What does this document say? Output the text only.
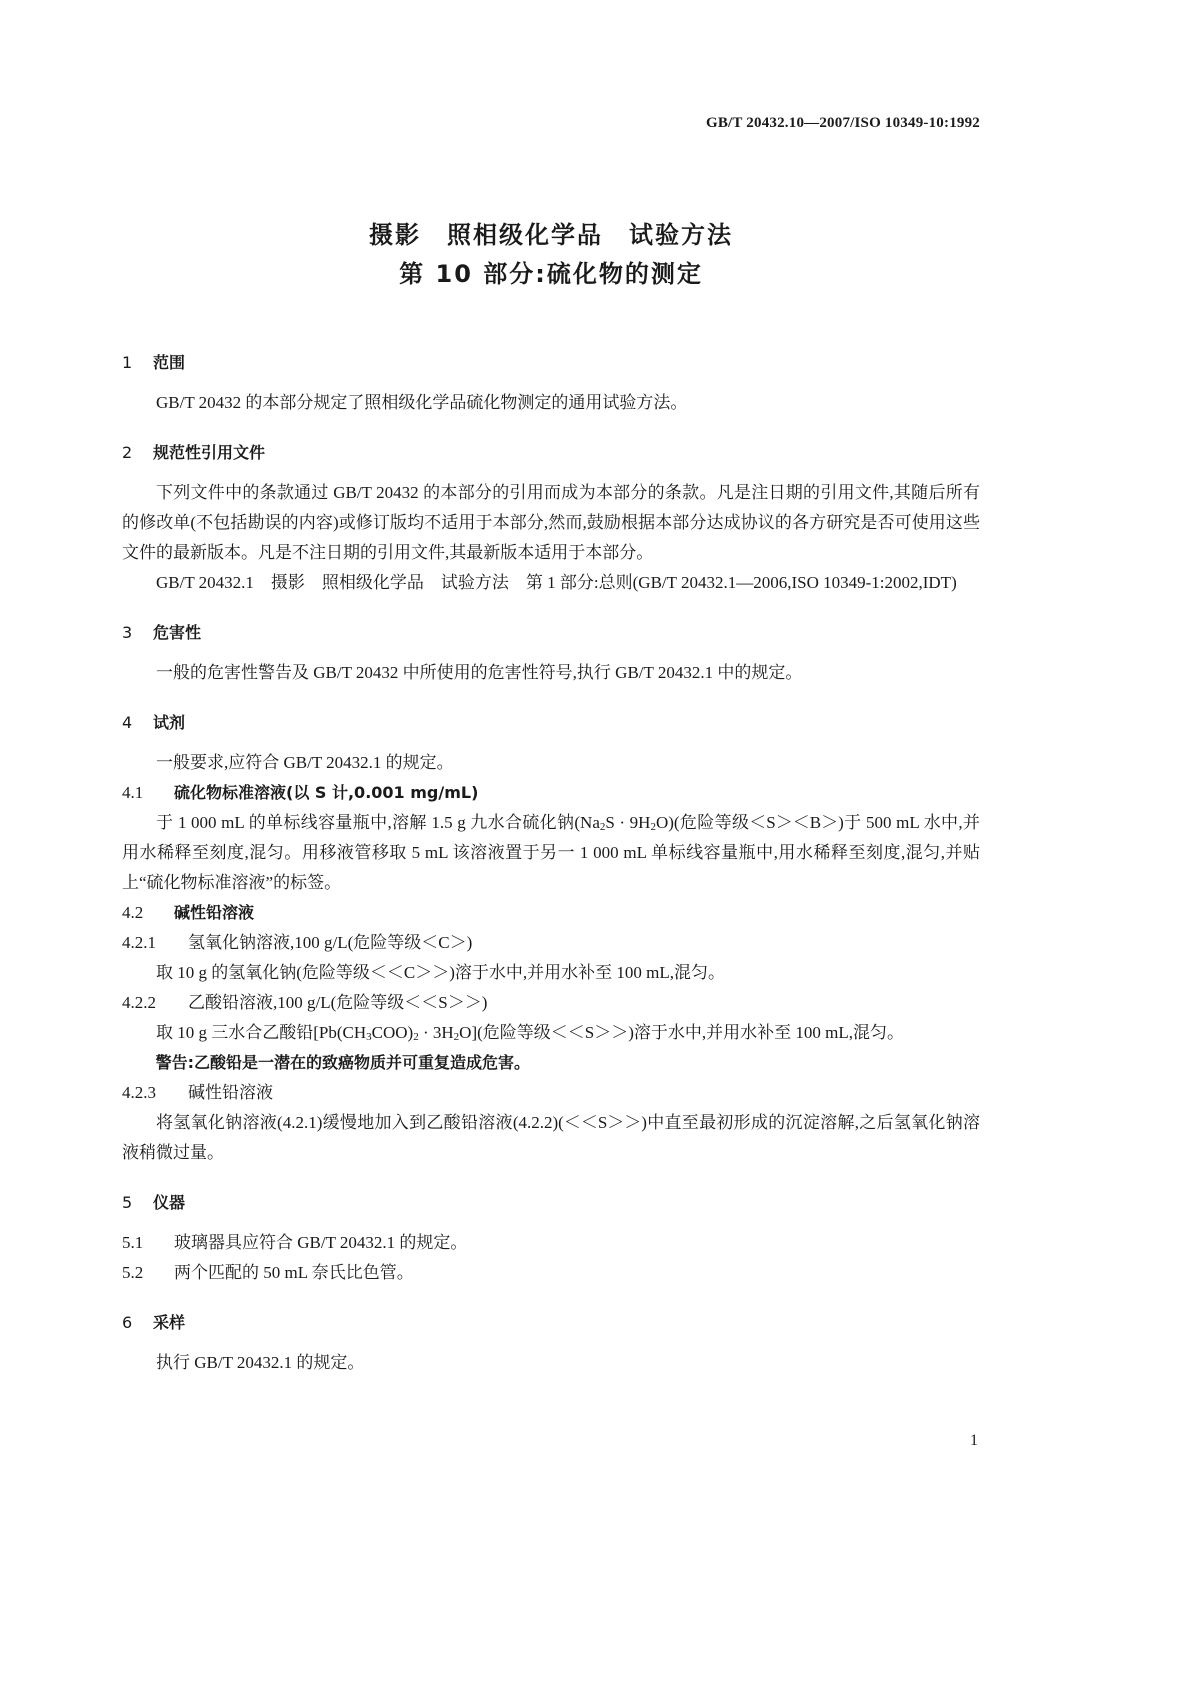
GB/T 20432.10—2007/ISO 10349-10:1992

摄影　照相级化学品　试验方法
第 10 部分:硫化物的测定
1 范围

GB/T 20432 的本部分规定了照相级化学品硫化物测定的通用试验方法。

2 规范性引用文件

下列文件中的条款通过 GB/T 20432 的本部分的引用而成为本部分的条款。凡是注日期的引用文件,其随后所有的修改单(不包括勘误的内容)或修订版均不适用于本部分,然而,鼓励根据本部分达成协议的各方研究是否可使用这些文件的最新版本。凡是不注日期的引用文件,其最新版本适用于本部分。

GB/T 20432.1　摄影　照相级化学品　试验方法　第 1 部分:总则(GB/T 20432.1—2006,ISO 10349-1:2002,IDT)

3 危害性

一般的危害性警告及 GB/T 20432 中所使用的危害性符号,执行 GB/T 20432.1 中的规定。

4 试剂

一般要求,应符合 GB/T 20432.1 的规定。

4.1 硫化物标准溶液(以 S 计,0.001 mg/mL)

于 1 000 mL 的单标线容量瓶中,溶解 1.5 g 九水合硫化钠$(Na_2S \cdot 9H_2O)$(危险等级＜S＞＜B＞)于 500 mL 水中,并用水稀释至刻度,混匀。用移液管移取 5 mL 该溶液置于另一 1 000 mL 单标线容量瓶中,用水稀释至刻度,混匀,并贴上“硫化物标准溶液”的标签。

4.2 碱性铅溶液
4.2.1 氢氧化钠溶液,100 g/L(危险等级＜C＞)

取 10 g 的氢氧化钠(危险等级＜＜C＞＞)溶于水中,并用水补至 100 mL,混匀。

4.2.2 乙酸铅溶液,100 g/L(危险等级＜＜S＞＞)

取 10 g 三水合乙酸铅$[Pb(CH_3COO)_2 \cdot 3H_2O]$(危险等级＜＜S＞＞)溶于水中,并用水补至 100 mL,混匀。

警告:乙酸铅是一潜在的致癌物质并可重复造成危害。

4.2.3 碱性铅溶液

将氢氧化钠溶液(4.2.1)缓慢地加入到乙酸铅溶液(4.2.2)(＜＜S＞＞)中直至最初形成的沉淀溶解,之后氢氧化钠溶液稍微过量。

5 仪器
5.1 玻璃器具应符合 GB/T 20432.1 的规定。
5.2 两个匹配的 50 mL 奈氏比色管。
6 采样

执行 GB/T 20432.1 的规定。

1
